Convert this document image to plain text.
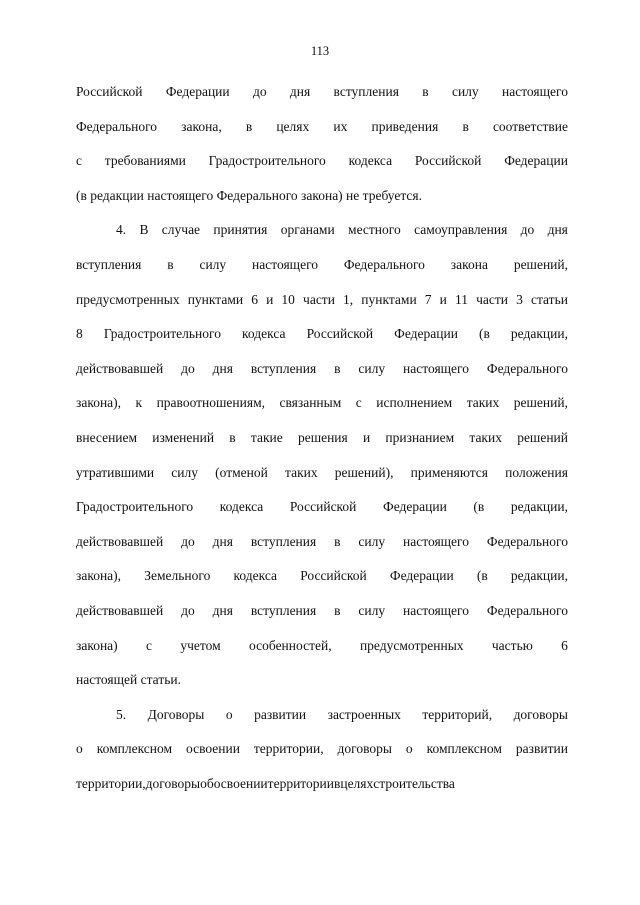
113
Российской Федерации до дня вступления в силу настоящего
Федерального закона, в целях их приведения в соответствие
с требованиями Градостроительного кодекса Российской Федерации
(в редакции настоящего Федерального закона) не требуется.
4. В случае принятия органами местного самоуправления до дня
вступления в силу настоящего Федерального закона решений,
предусмотренных пунктами 6 и 10 части 1, пунктами 7 и 11 части 3 статьи
8 Градостроительного кодекса Российской Федерации (в редакции,
действовавшей до дня вступления в силу настоящего Федерального
закона), к правоотношениям, связанным с исполнением таких решений,
внесением изменений в такие решения и признанием таких решений
утратившими силу (отменой таких решений), применяются положения
Градостроительного кодекса Российской Федерации (в редакции,
действовавшей до дня вступления в силу настоящего Федерального
закона), Земельного кодекса Российской Федерации (в редакции,
действовавшей до дня вступления в силу настоящего Федерального
закона) с учетом особенностей, предусмотренных частью 6
настоящей статьи.
5. Договоры о развитии застроенных территорий, договоры
о комплексном освоении территории, договоры о комплексном развитии
территории, договоры об освоении территории в целях строительства
